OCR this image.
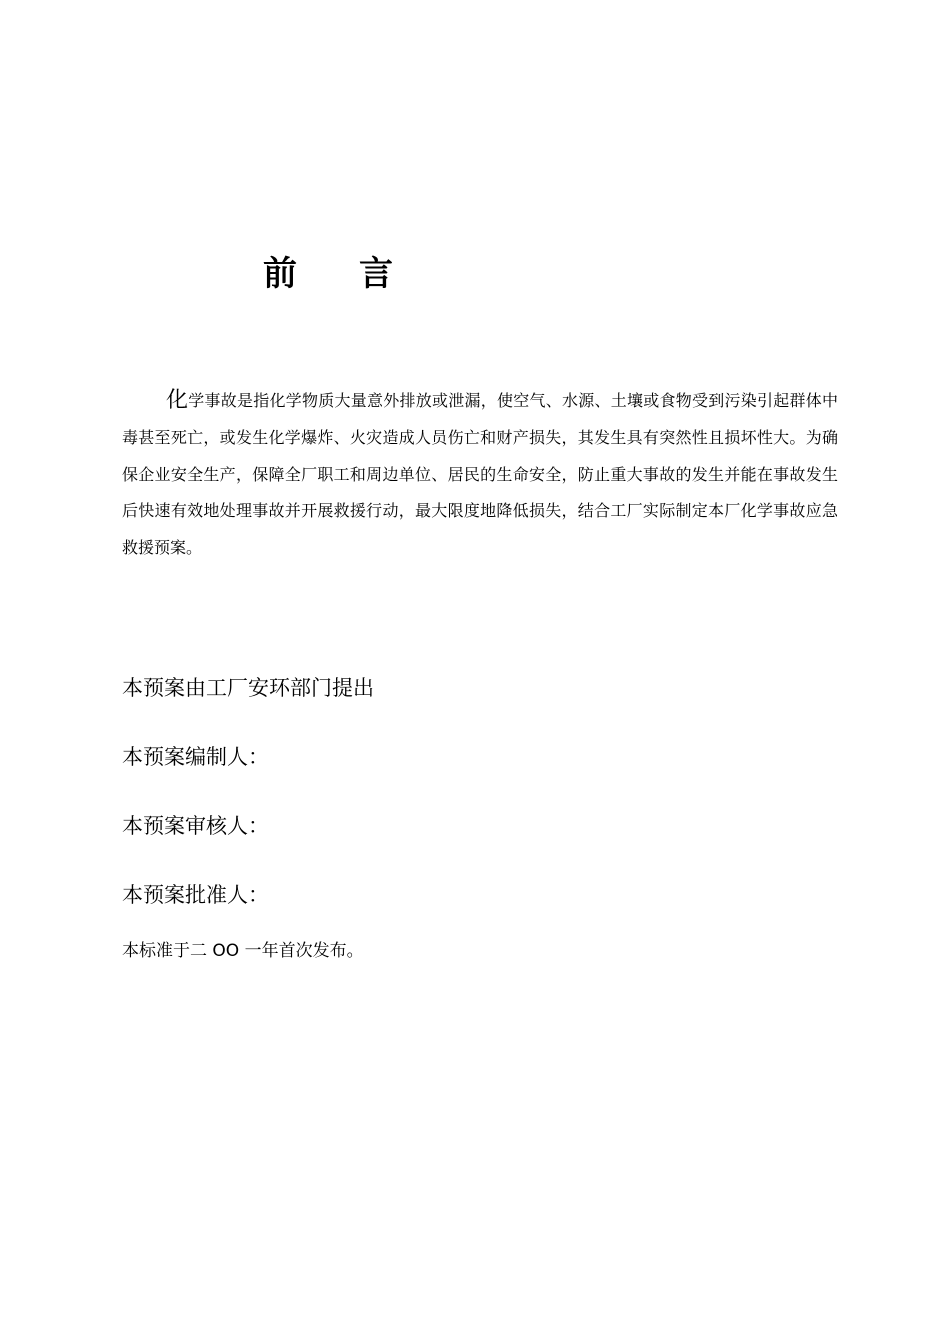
前	言

化学事故是指化学物质大量意外排放或泄漏，使空气、水源、土壤或食物受到污染引起群体中毒甚至死亡，或发生化学爆炸、火灾造成人员伤亡和财产损失，其发生具有突然性且损坏性大。为确保企业安全生产，保障全厂职工和周边单位、居民的生命安全，防止重大事故的发生并能在事故发生后快速有效地处理事故并开展救援行动，最大限度地降低损失，结合工厂实际制定本厂化学事故应急救援预案。

本预案由工厂安环部门提出

本预案编制人：

本预案审核人：

本预案批准人：

本标准于二 OO 一年首次发布。
